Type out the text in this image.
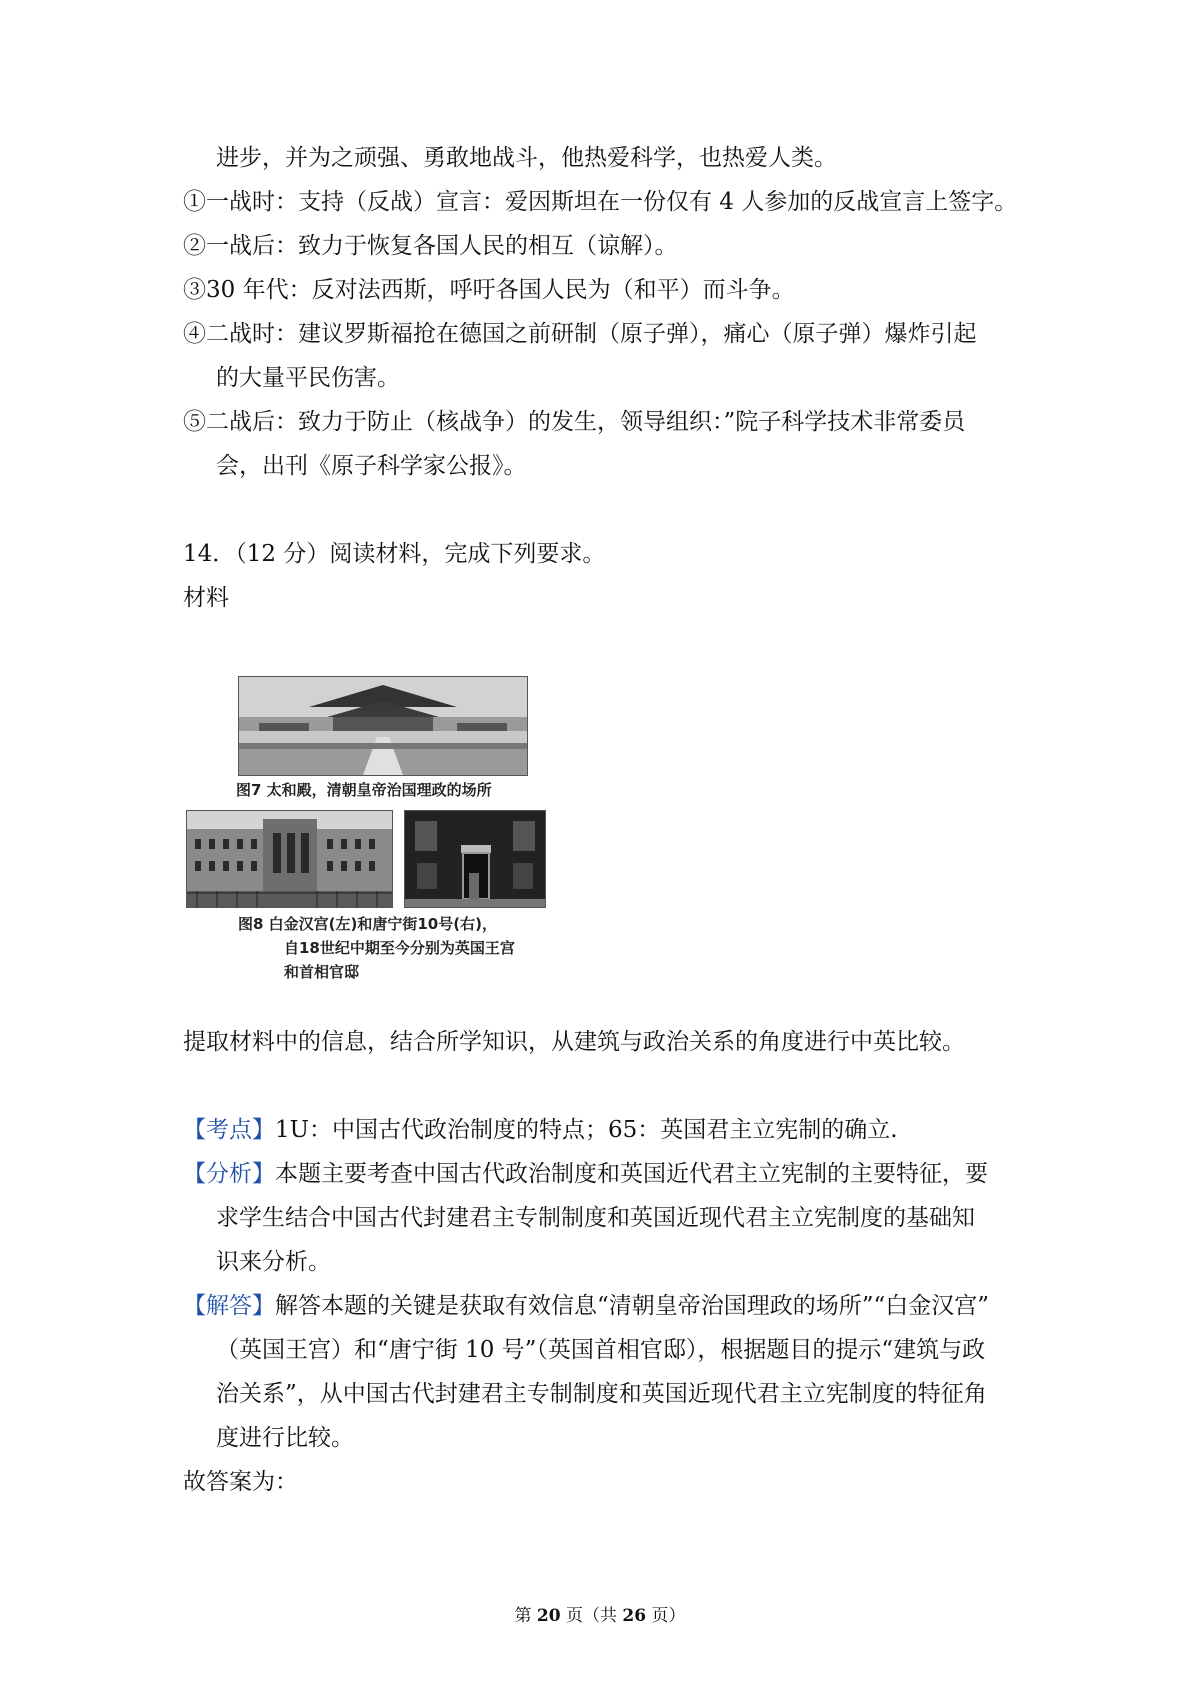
进步，并为之顽强、勇敢地战斗，他热爱科学，也热爱人类。
①一战时：支持（反战）宣言：爱因斯坦在一份仅有 4 人参加的反战宣言上签字。
②一战后：致力于恢复各国人民的相互（谅解）。
③30 年代：反对法西斯，呼吁各国人民为（和平）而斗争。
④二战时：建议罗斯福抢在德国之前研制（原子弹），痛心（原子弹）爆炸引起
的大量平民伤害。
⑤二战后：致力于防止（核战争）的发生，领导组织：”院子科学技术非常委员
会，出刊《原子科学家公报》。
14．（12 分）阅读材料，完成下列要求。
材料
图7 太和殿，清朝皇帝治国理政的场所
图8 白金汉宫(左)和唐宁街10号(右)，
自18世纪中期至今分别为英国王宫
和首相官邸
提取材料中的信息，结合所学知识，从建筑与政治关系的角度进行中英比较。
【考点】1U：中国古代政治制度的特点；65：英国君主立宪制的确立.
【分析】本题主要考查中国古代政治制度和英国近代君主立宪制的主要特征，要
求学生结合中国古代封建君主专制制度和英国近现代君主立宪制度的基础知
识来分析。
【解答】解答本题的关键是获取有效信息“清朝皇帝治国理政的场所”“白金汉宫”
（英国王宫）和“唐宁街 10 号”（英国首相官邸），根据题目的提示“建筑与政
治关系”，从中国古代封建君主专制制度和英国近现代君主立宪制度的特征角
度进行比较。
故答案为：
第 20 页（共 26 页）
